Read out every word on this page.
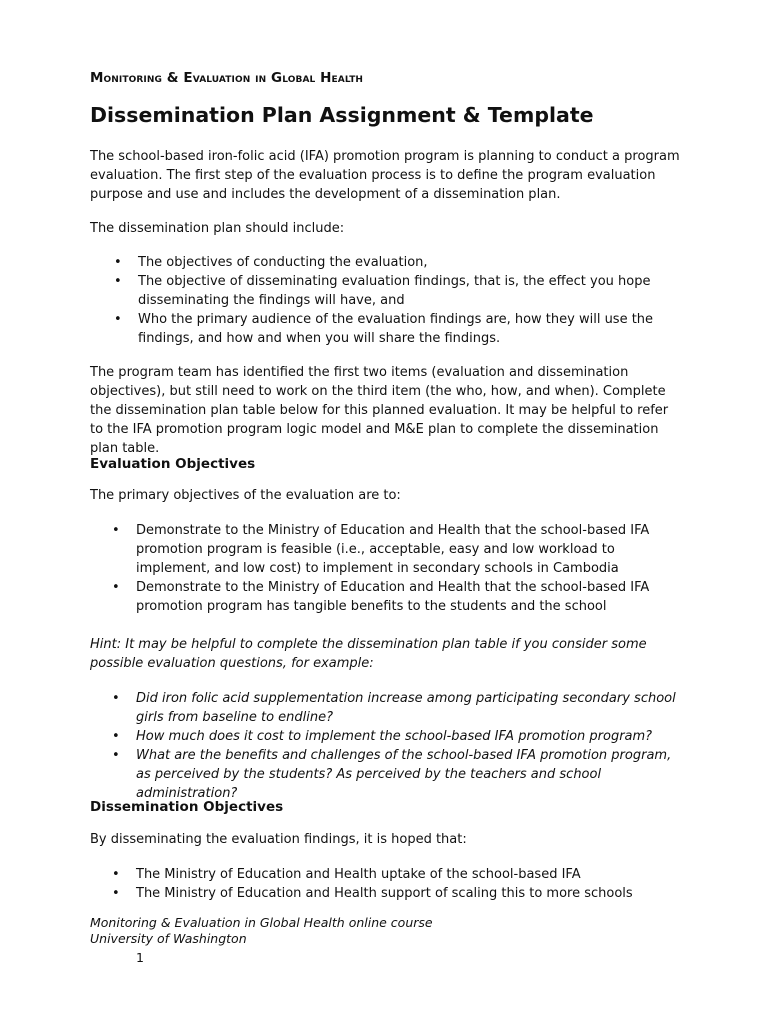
Monitoring & Evaluation in Global Health
Dissemination Plan Assignment & Template

The school-based iron-folic acid (IFA) promotion program is planning to conduct a program evaluation. The first step of the evaluation process is to define the program evaluation purpose and use and includes the development of a dissemination plan.

The dissemination plan should include:

• The objectives of conducting the evaluation,
• The objective of disseminating evaluation findings, that is, the effect you hope disseminating the findings will have, and
• Who the primary audience of the evaluation findings are, how they will use the findings, and how and when you will share the findings.

The program team has identified the first two items (evaluation and dissemination objectives), but still need to work on the third item (the who, how, and when). Complete the dissemination plan table below for this planned evaluation. It may be helpful to refer to the IFA promotion program logic model and M&E plan to complete the dissemination plan table.

Evaluation Objectives

The primary objectives of the evaluation are to:

• Demonstrate to the Ministry of Education and Health that the school-based IFA promotion program is feasible (i.e., acceptable, easy and low workload to implement, and low cost) to implement in secondary schools in Cambodia
• Demonstrate to the Ministry of Education and Health that the school-based IFA promotion program has tangible benefits to the students and the school

Hint: It may be helpful to complete the dissemination plan table if you consider some possible evaluation questions, for example:

• Did iron folic acid supplementation increase among participating secondary school girls from baseline to endline?
• How much does it cost to implement the school-based IFA promotion program?
• What are the benefits and challenges of the school-based IFA promotion program, as perceived by the students? As perceived by the teachers and school administration?
Dissemination Objectives

By disseminating the evaluation findings, it is hoped that:

• The Ministry of Education and Health uptake of the school-based IFA
• The Ministry of Education and Health support of scaling this to more schools
Monitoring & Evaluation in Global Health online course
University of Washington
1
